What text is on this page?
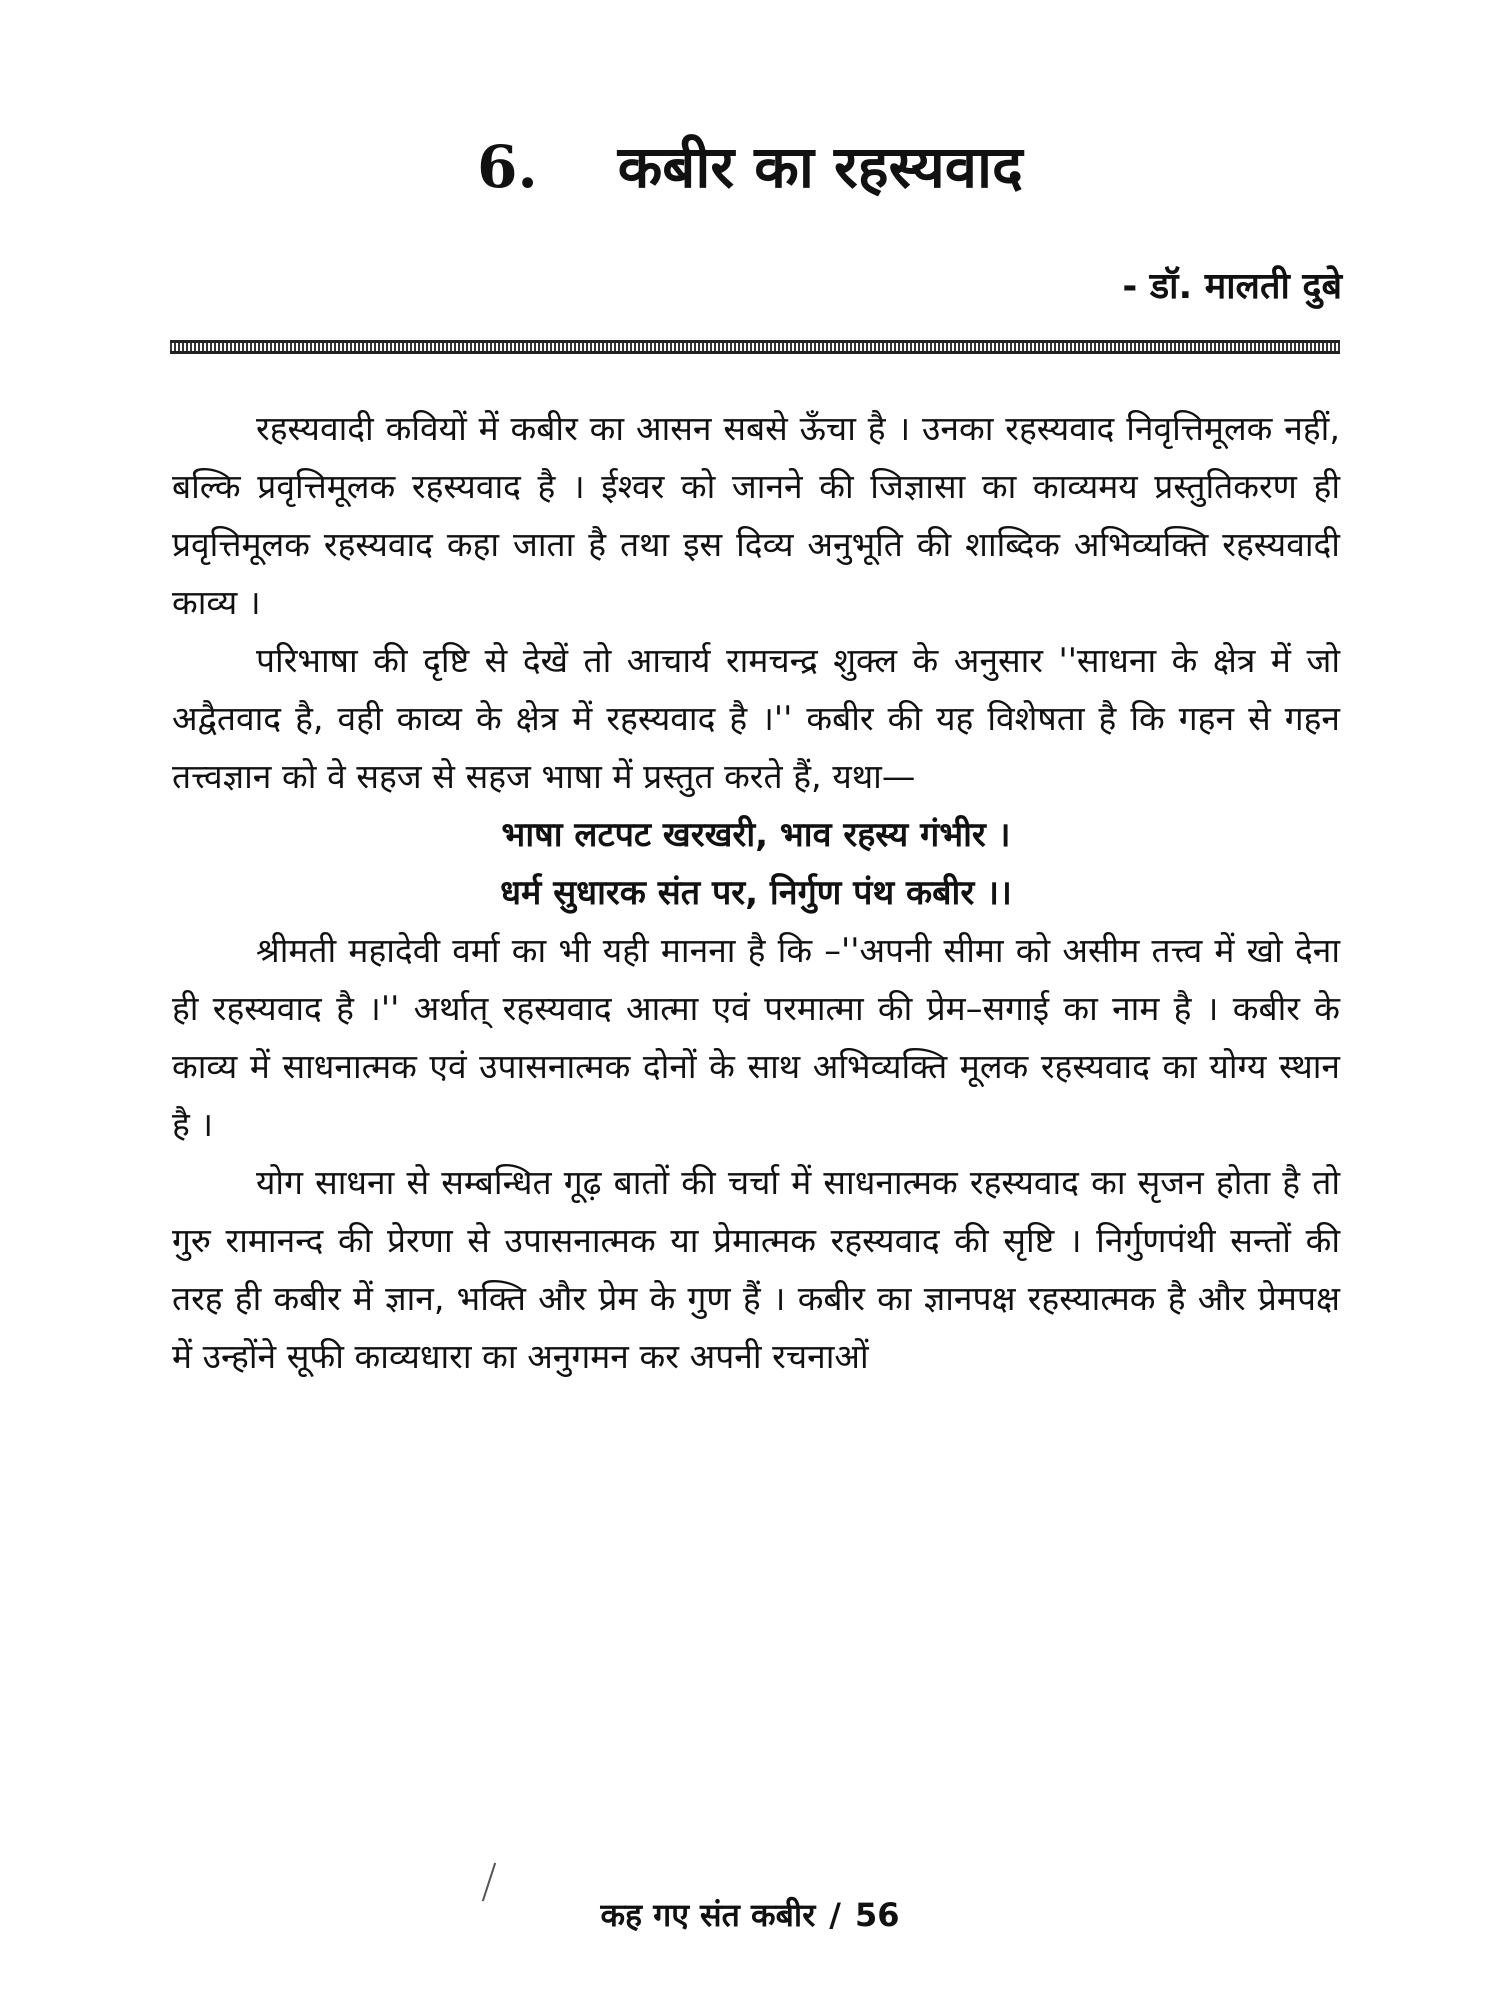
6. कबीर का रहस्यवाद
- डॉ. मालती दुबे

रहस्यवादी कवियों में कबीर का आसन सबसे ऊँचा है । उनका रहस्यवाद निवृत्तिमूलक नहीं, बल्कि प्रवृत्तिमूलक रहस्यवाद है । ईश्वर को जानने की जिज्ञासा का काव्यमय प्रस्तुतिकरण ही प्रवृत्तिमूलक रहस्यवाद कहा जाता है तथा इस दिव्य अनुभूति की शाब्दिक अभिव्यक्ति रहस्यवादी काव्य ।

परिभाषा की दृष्टि से देखें तो आचार्य रामचन्द्र शुक्ल के अनुसार ''साधना के क्षेत्र में जो अद्वैतवाद है, वही काव्य के क्षेत्र में रहस्यवाद है ।'' कबीर की यह विशेषता है कि गहन से गहन तत्त्वज्ञान को वे सहज से सहज भाषा में प्रस्तुत करते हैं, यथा—

भाषा लटपट खरखरी, भाव रहस्य गंभीर ।

धर्म सुधारक संत पर, निर्गुण पंथ कबीर ।।

श्रीमती महादेवी वर्मा का भी यही मानना है कि –''अपनी सीमा को असीम तत्त्व में खो देना ही रहस्यवाद है ।'' अर्थात् रहस्यवाद आत्मा एवं परमात्मा की प्रेम–सगाई का नाम है । कबीर के काव्य में साधनात्मक एवं उपासनात्मक दोनों के साथ अभिव्यक्ति मूलक रहस्यवाद का योग्य स्थान है ।

योग साधना से सम्बन्धित गूढ़ बातों की चर्चा में साधनात्मक रहस्यवाद का सृजन होता है तो गुरु रामानन्द की प्रेरणा से उपासनात्मक या प्रेमात्मक रहस्यवाद की सृष्टि । निर्गुणपंथी सन्तों की तरह ही कबीर में ज्ञान, भक्ति और प्रेम के गुण हैं । कबीर का ज्ञानपक्ष रहस्यात्मक है और प्रेमपक्ष में उन्होंने सूफी काव्यधारा का अनुगमन कर अपनी रचनाओं

कह गए संत कबीर / 56
